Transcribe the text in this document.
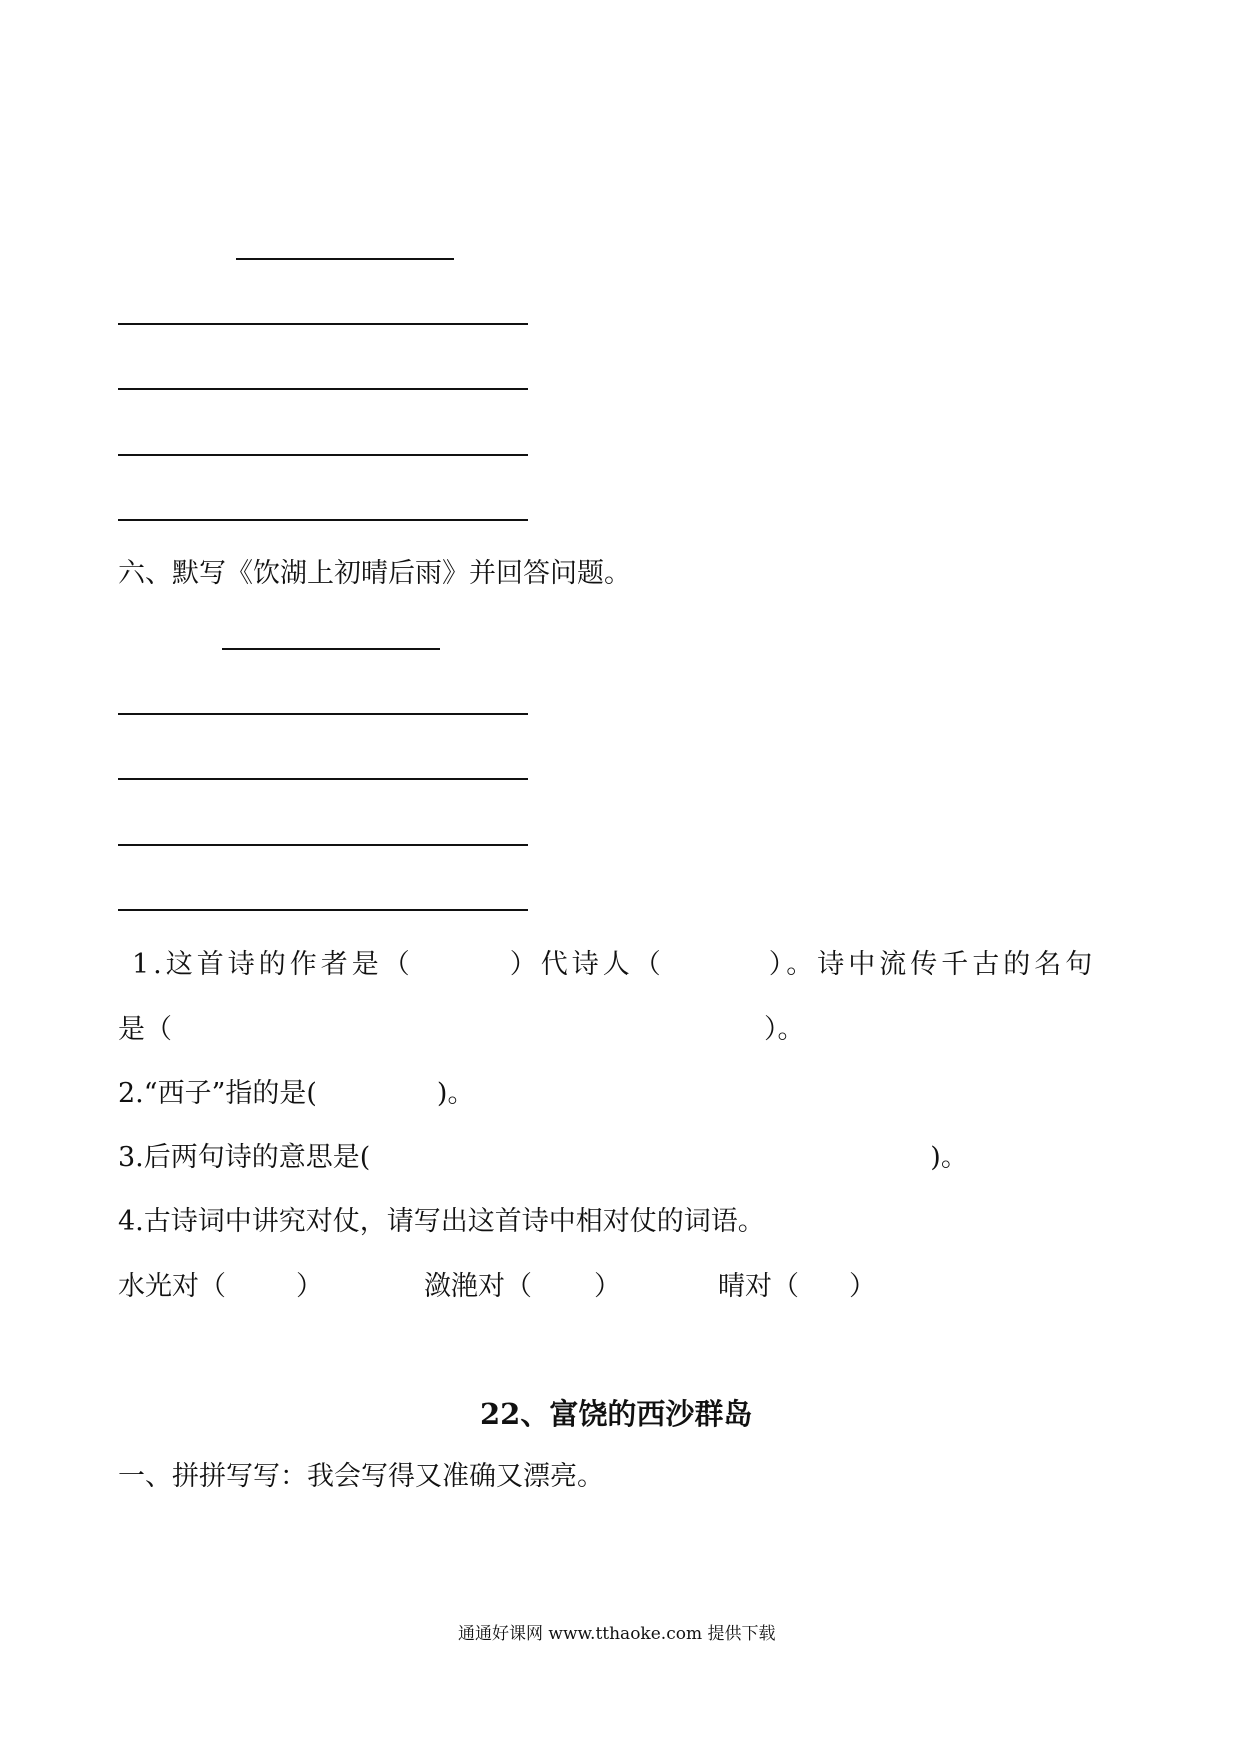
六、默写《饮湖上初晴后雨》并回答问题。
1.这首诗的作者是（	）代诗人（	）。诗中流传千古的名句
是（	）。
2.“西子”指的是(	)。
3.后两句诗的意思是(	)。
4.古诗词中讲究对仗，请写出这首诗中相对仗的词语。
水光对（	）	潋滟对（ ）	晴对（ ）
22、富饶的西沙群岛
一、拼拼写写：我会写得又准确又漂亮。
通通好课网 www.tthaoke.com 提供下载
